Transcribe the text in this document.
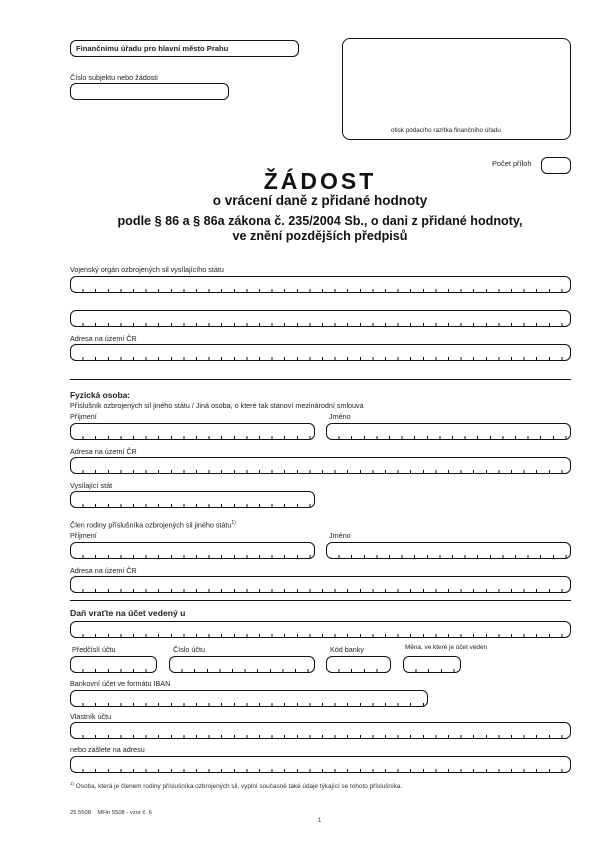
Finančnímu úřadu pro hlavní město Prahu
Číslo subjektu nebo žádosti
otisk podacího razítka finančního úřadu
Počet příloh
ŽÁDOST
o vrácení daně z přidané hodnoty
podle § 86 a § 86a zákona č. 235/2004 Sb., o dani z přidané hodnoty,
ve znění pozdějších předpisů
Vojenský orgán ozbrojených sil vysílajícího státu
Adresa na území ČR
Fyzická osoba:
Příslušník ozbrojených sil jiného státu / Jiná osoba, o které tak stanoví mezinárodní smlouva
Příjmení	Jméno
Adresa na území ČR
Vysílající stát
Člen rodiny příslušníka ozbrojených sil jiného státu$^{1)}$
Příjmení	Jméno
Adresa na území ČR
Daň vraťte na účet vedený u
Předčíslí účtu	Číslo účtu	Kód banky	Měna, ve které je účet veden
Bankovní účet ve formátu IBAN
Vlastník účtu
nebo zašlete na adresu
$^{1)}$ Osoba, která je členem rodiny příslušníka ozbrojených sil, vyplní současně také údaje týkající se tohoto příslušníka.
25 5508    MFin 5508 - vzor č. 6
1
